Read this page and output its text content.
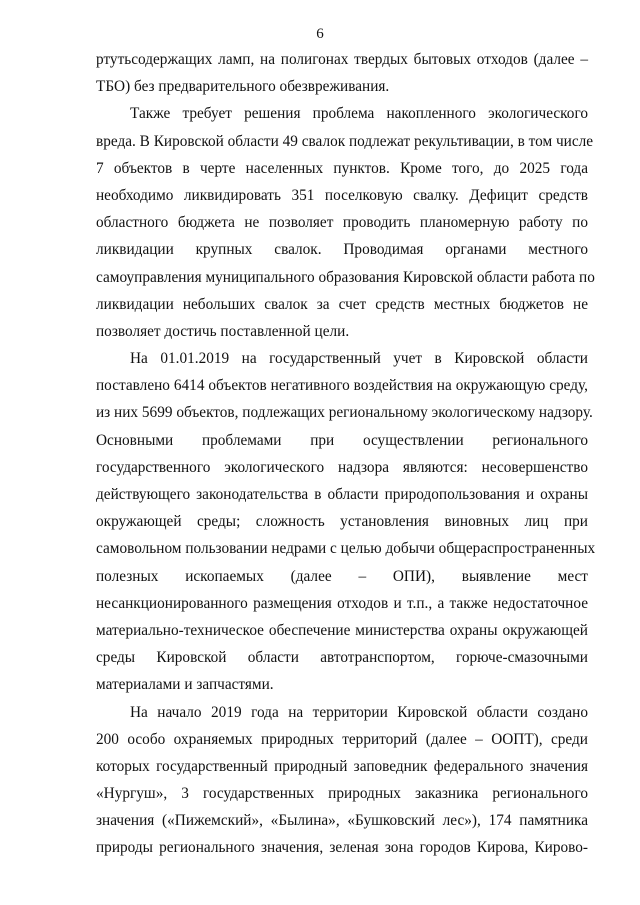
6
ртутьсодержащих ламп, на полигонах твердых бытовых отходов (далее –
ТБО) без предварительного обезвреживания.
Также требует решения проблема накопленного экологического
вреда. В Кировской области 49 свалок подлежат рекультивации, в том числе
7 объектов в черте населенных пунктов. Кроме того, до 2025 года
необходимо ликвидировать 351 поселковую свалку. Дефицит средств
областного бюджета не позволяет проводить планомерную работу по
ликвидации крупных свалок. Проводимая органами местного
самоуправления муниципального образования Кировской области работа по
ликвидации небольших свалок за счет средств местных бюджетов не
позволяет достичь поставленной цели.
На 01.01.2019 на государственный учет в Кировской области
поставлено 6414 объектов негативного воздействия на окружающую среду,
из них 5699 объектов, подлежащих региональному экологическому надзору.
Основными проблемами при осуществлении регионального
государственного экологического надзора являются: несовершенство
действующего законодательства в области природопользования и охраны
окружающей среды; сложность установления виновных лиц при
самовольном пользовании недрами с целью добычи общераспространенных
полезных ископаемых (далее – ОПИ), выявление мест
несанкционированного размещения отходов и т.п., а также недостаточное
материально-техническое обеспечение министерства охраны окружающей
среды Кировской области автотранспортом, горюче-смазочными
материалами и запчастями.
На начало 2019 года на территории Кировской области создано
200 особо охраняемых природных территорий (далее – ООПТ), среди
которых государственный природный заповедник федерального значения
«Нургуш», 3 государственных природных заказника регионального
значения («Пижемский», «Былина», «Бушковский лес»), 174 памятника
природы регионального значения, зеленая зона городов Кирова, Кирово-
